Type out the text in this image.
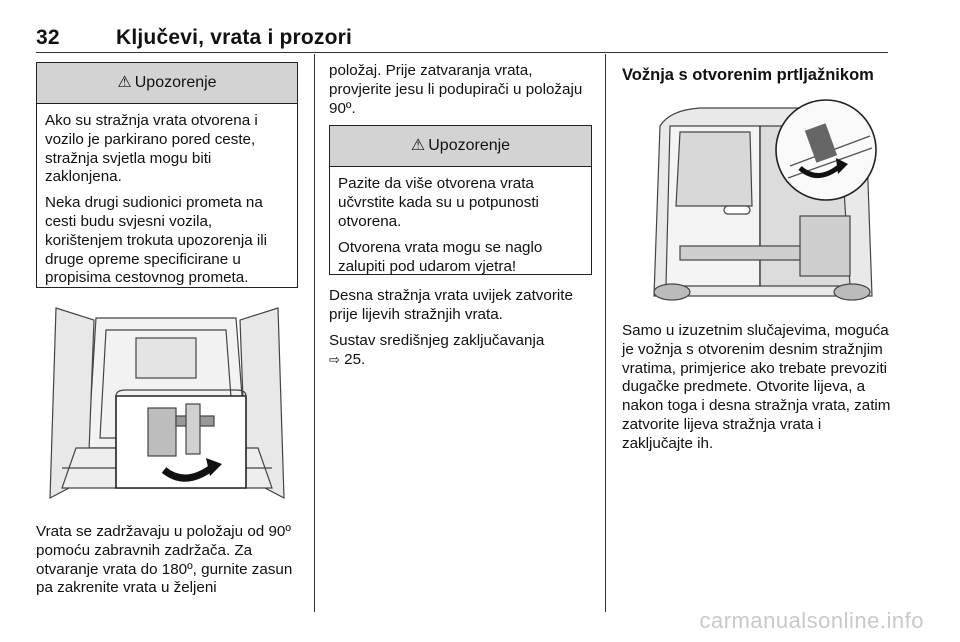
32	Ključevi, vrata i prozori
⚠ Upozorenje

Ako su stražnja vrata otvorena i vozilo je parkirano pored ceste, stražnja svjetla mogu biti zaklonjena.

Neka drugi sudionici prometa na cesti budu svjesni vozila, korištenjem trokuta upozorenja ili druge opreme specificirane u propisima cestovnog prometa.

Vrata se zadržavaju u položaju od 90º pomoću zabravnih zadržača. Za otvaranje vrata do 180º, gurnite zasun pa zakrenite vrata u željeni

položaj. Prije zatvaranja vrata, provjerite jesu li podupirači u položaju 90º.

⚠ Upozorenje

Pazite da više otvorena vrata učvrstite kada su u potpunosti otvorena.

Otvorena vrata mogu se naglo zalupiti pod udarom vjetra!

Desna stražnja vrata uvijek zatvorite prije lijevih stražnjih vrata.

Sustav središnjeg zaključavanja
⇨ 25.

Vožnja s otvorenim prtljažnikom

Samo u izuzetnim slučajevima, moguća je vožnja s otvorenim desnim stražnjim vratima, primjerice ako trebate prevoziti dugačke predmete. Otvorite lijeva, a nakon toga i desna stražnja vrata, zatim zatvorite lijeva stražnja vrata i zaključajte ih.

carmanualsonline.info
